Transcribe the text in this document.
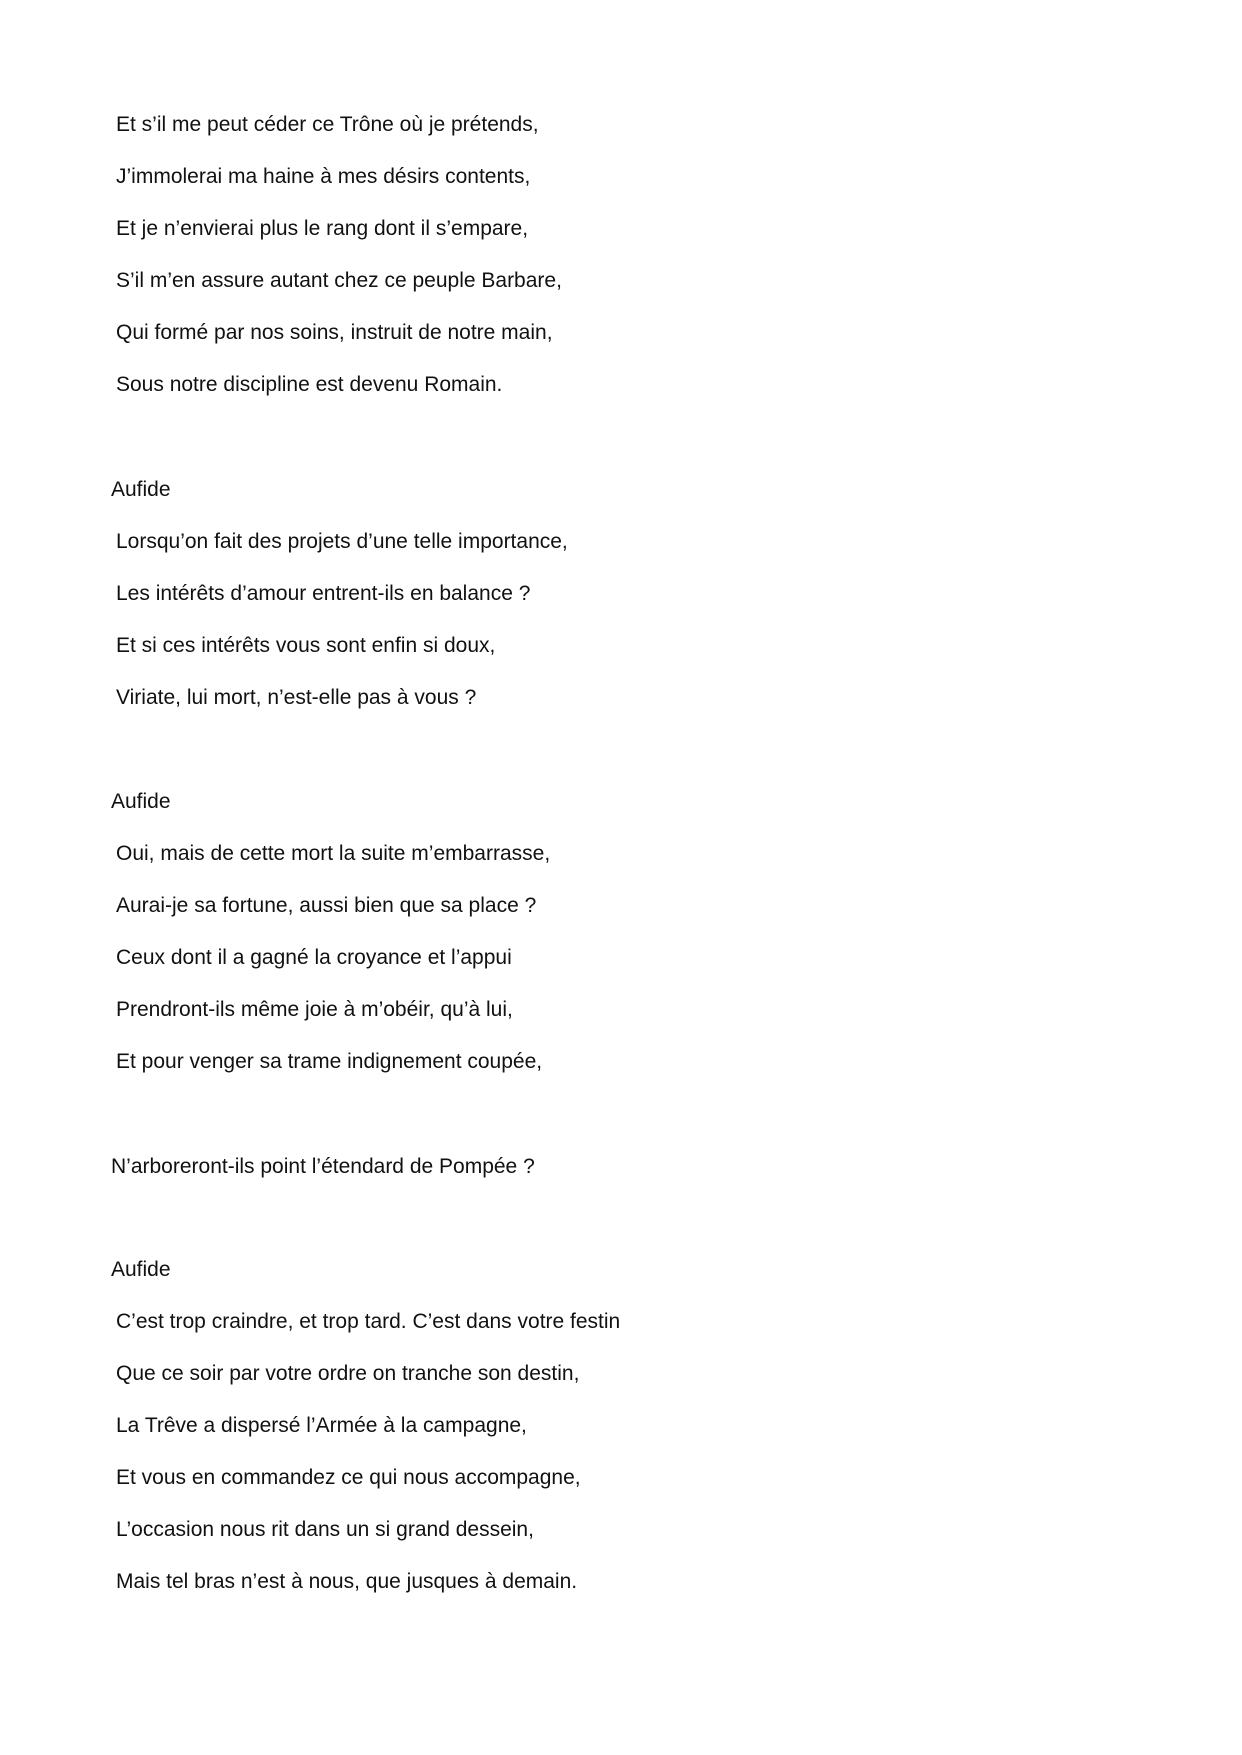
Et s’il me peut céder ce Trône où je prétends,
J’immolerai ma haine à mes désirs contents,
Et je n’envierai plus le rang dont il s’empare,
S’il m’en assure autant chez ce peuple Barbare,
Qui formé par nos soins, instruit de notre main,
Sous notre discipline est devenu Romain.
Aufide
Lorsqu’on fait des projets d’une telle importance,
Les intérêts d’amour entrent-ils en balance ?
Et si ces intérêts vous sont enfin si doux,
Viriate, lui mort, n’est-elle pas à vous ?
Aufide
Oui, mais de cette mort la suite m’embarrasse,
Aurai-je sa fortune, aussi bien que sa place ?
Ceux dont il a gagné la croyance et l’appui
Prendront-ils même joie à m’obéir, qu’à lui,
Et pour venger sa trame indignement coupée,
N’arboreront-ils point l’étendard de Pompée ?
Aufide
C’est trop craindre, et trop tard. C’est dans votre festin
Que ce soir par votre ordre on tranche son destin,
La Trêve a dispersé l’Armée à la campagne,
Et vous en commandez ce qui nous accompagne,
L’occasion nous rit dans un si grand dessein,
Mais tel bras n’est à nous, que jusques à demain.
